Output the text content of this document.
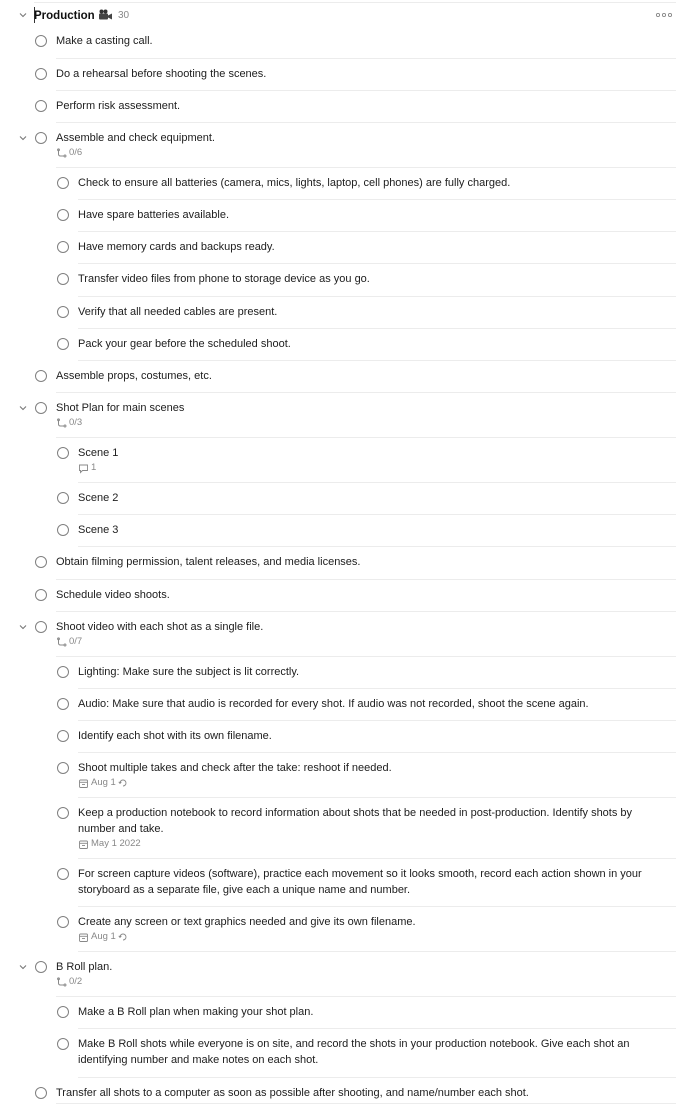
Production	30
Make a casting call.
Do a rehearsal before shooting the scenes.
Perform risk assessment.
Assemble and check equipment.
0/6
Check to ensure all batteries (camera, mics, lights, laptop, cell phones) are fully charged.
Have spare batteries available.
Have memory cards and backups ready.
Transfer video files from phone to storage device as you go.
Verify that all needed cables are present.
Pack your gear before the scheduled shoot.
Assemble props, costumes, etc.
Shot Plan for main scenes
0/3
Scene 1
1
Scene 2
Scene 3
Obtain filming permission, talent releases, and media licenses.
Schedule video shoots.
Shoot video with each shot as a single file.
0/7
Lighting: Make sure the subject is lit correctly.
Audio: Make sure that audio is recorded for every shot. If audio was not recorded, shoot the scene again.
Identify each shot with its own filename.
Shoot multiple takes and check after the take: reshoot if needed.
Aug 1
Keep a production notebook to record information about shots that be needed in post-production. Identify shots by number and take.
May 1 2022
For screen capture videos (software), practice each movement so it looks smooth, record each action shown in your storyboard as a separate file, give each a unique name and number.
Create any screen or text graphics needed and give its own filename.
Aug 1
B Roll plan.
0/2
Make a B Roll plan when making your shot plan.
Make B Roll shots while everyone is on site, and record the shots in your production notebook. Give each shot an identifying number and make notes on each shot.
Transfer all shots to a computer as soon as possible after shooting, and name/number each shot.
